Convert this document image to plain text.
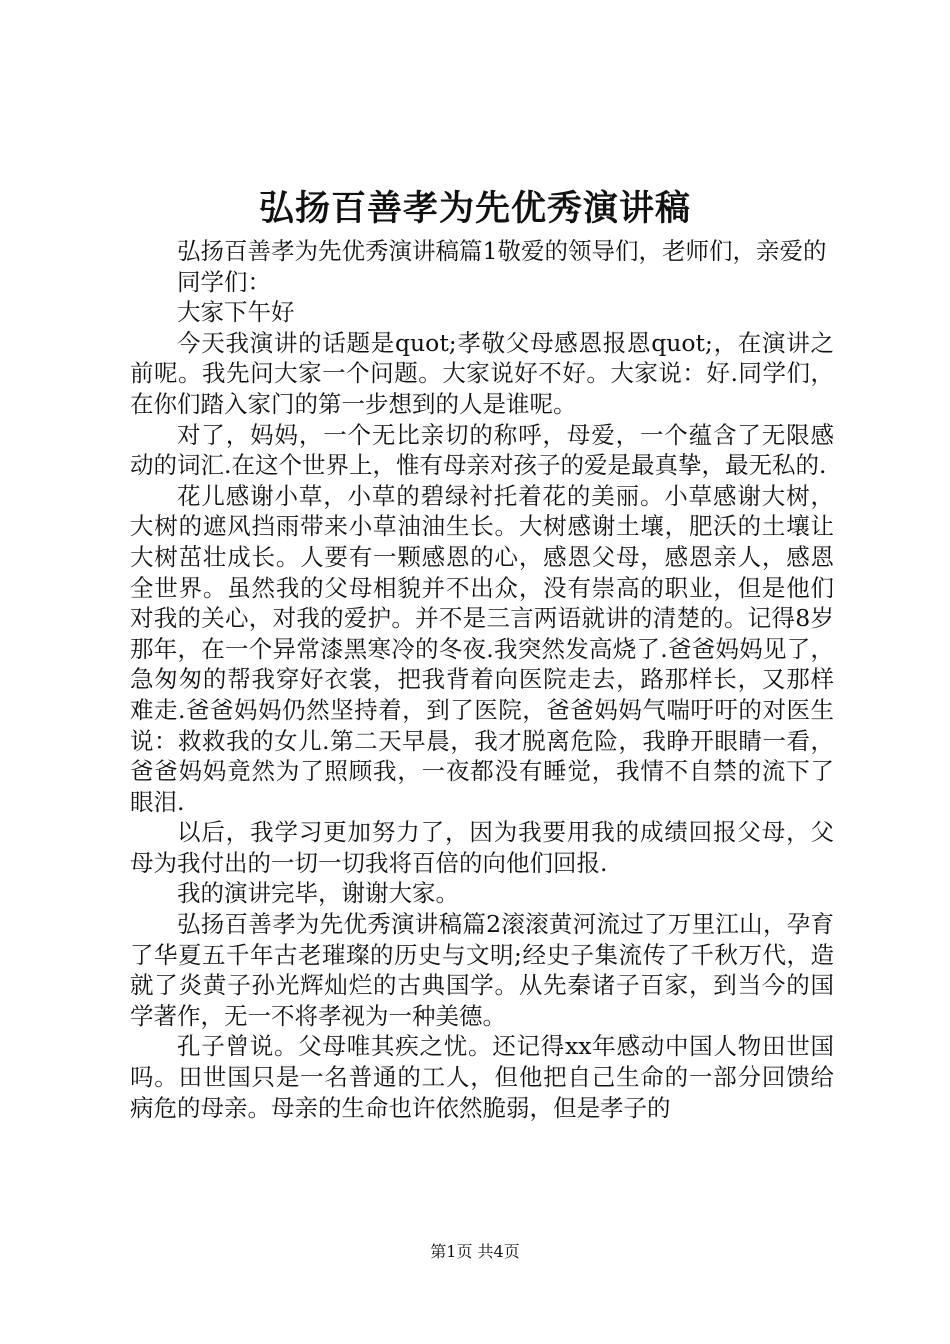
弘扬百善孝为先优秀演讲稿

弘扬百善孝为先优秀演讲稿篇1敬爱的领导们，老师们，亲爱的

同学们：

大家下午好

今天我演讲的话题是quot;孝敬父母感恩报恩quot;，在演讲之前呢。我先问大家一个问题。大家说好不好。大家说：好.同学们，在你们踏入家门的第一步想到的人是谁呢。

对了，妈妈，一个无比亲切的称呼，母爱，一个蕴含了无限感动的词汇.在这个世界上，惟有母亲对孩子的爱是最真挚，最无私的.

花儿感谢小草，小草的碧绿衬托着花的美丽。小草感谢大树，大树的遮风挡雨带来小草油油生长。大树感谢土壤，肥沃的土壤让大树茁壮成长。人要有一颗感恩的心，感恩父母，感恩亲人，感恩全世界。虽然我的父母相貌并不出众，没有崇高的职业，但是他们对我的关心，对我的爱护。并不是三言两语就讲的清楚的。记得8岁那年，在一个异常漆黑寒冷的冬夜.我突然发高烧了.爸爸妈妈见了，急匆匆的帮我穿好衣裳，把我背着向医院走去，路那样长，又那样难走.爸爸妈妈仍然坚持着，到了医院，爸爸妈妈气喘吁吁的对医生说：救救我的女儿.第二天早晨，我才脱离危险，我睁开眼睛一看，爸爸妈妈竟然为了照顾我，一夜都没有睡觉，我情不自禁的流下了眼泪.

以后，我学习更加努力了，因为我要用我的成绩回报父母，父母为我付出的一切一切我将百倍的向他们回报.

我的演讲完毕，谢谢大家。

弘扬百善孝为先优秀演讲稿篇2滚滚黄河流过了万里江山，孕育了华夏五千年古老璀璨的历史与文明;经史子集流传了千秋万代，造就了炎黄子孙光辉灿烂的古典国学。从先秦诸子百家，到当今的国学著作，无一不将孝视为一种美德。

孔子曾说。父母唯其疾之忧。还记得xx年感动中国人物田世国吗。田世国只是一名普通的工人，但他把自己生命的一部分回馈给病危的母亲。母亲的生命也许依然脆弱，但是孝子的

第1页 共4页
